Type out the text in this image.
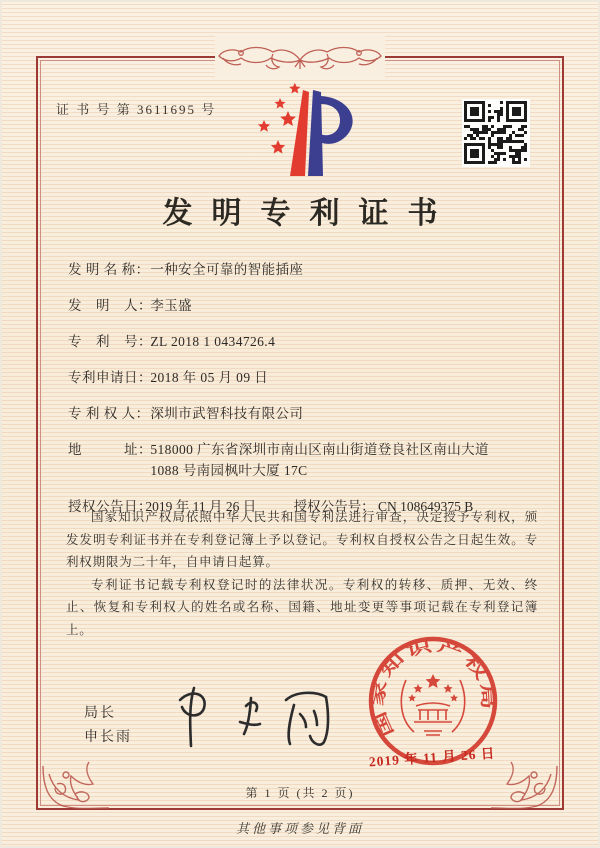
证 书 号 第 3611695 号
发明专利证书
发 明 名 称： 一种安全可靠的智能插座
发　明　人： 李玉盛
专　利　号： ZL 2018 1 0434726.4
专利申请日： 2018 年 05 月 09 日
专 利 权 人： 深圳市武智科技有限公司
地　　　址： 518000 广东省深圳市南山区南山街道登良社区南山大道 1088 号南园枫叶大厦 17C
授权公告日： 2019 年 11 月 26 日	授权公告号： CN 108649375 B

国家知识产权局依照中华人民共和国专利法进行审查，决定授予专利权，颁发发明专利证书并在专利登记簿上予以登记。专利权自授权公告之日起生效。专利权期限为二十年，自申请日起算。

专利证书记载专利权登记时的法律状况。专利权的转移、质押、无效、终止、恢复和专利权人的姓名或名称、国籍、地址变更等事项记载在专利登记簿上。

局长
申长雨	国家知识产权局
2019 年 11 月 26 日
第 1 页 (共 2 页)
其他事项参见背面
